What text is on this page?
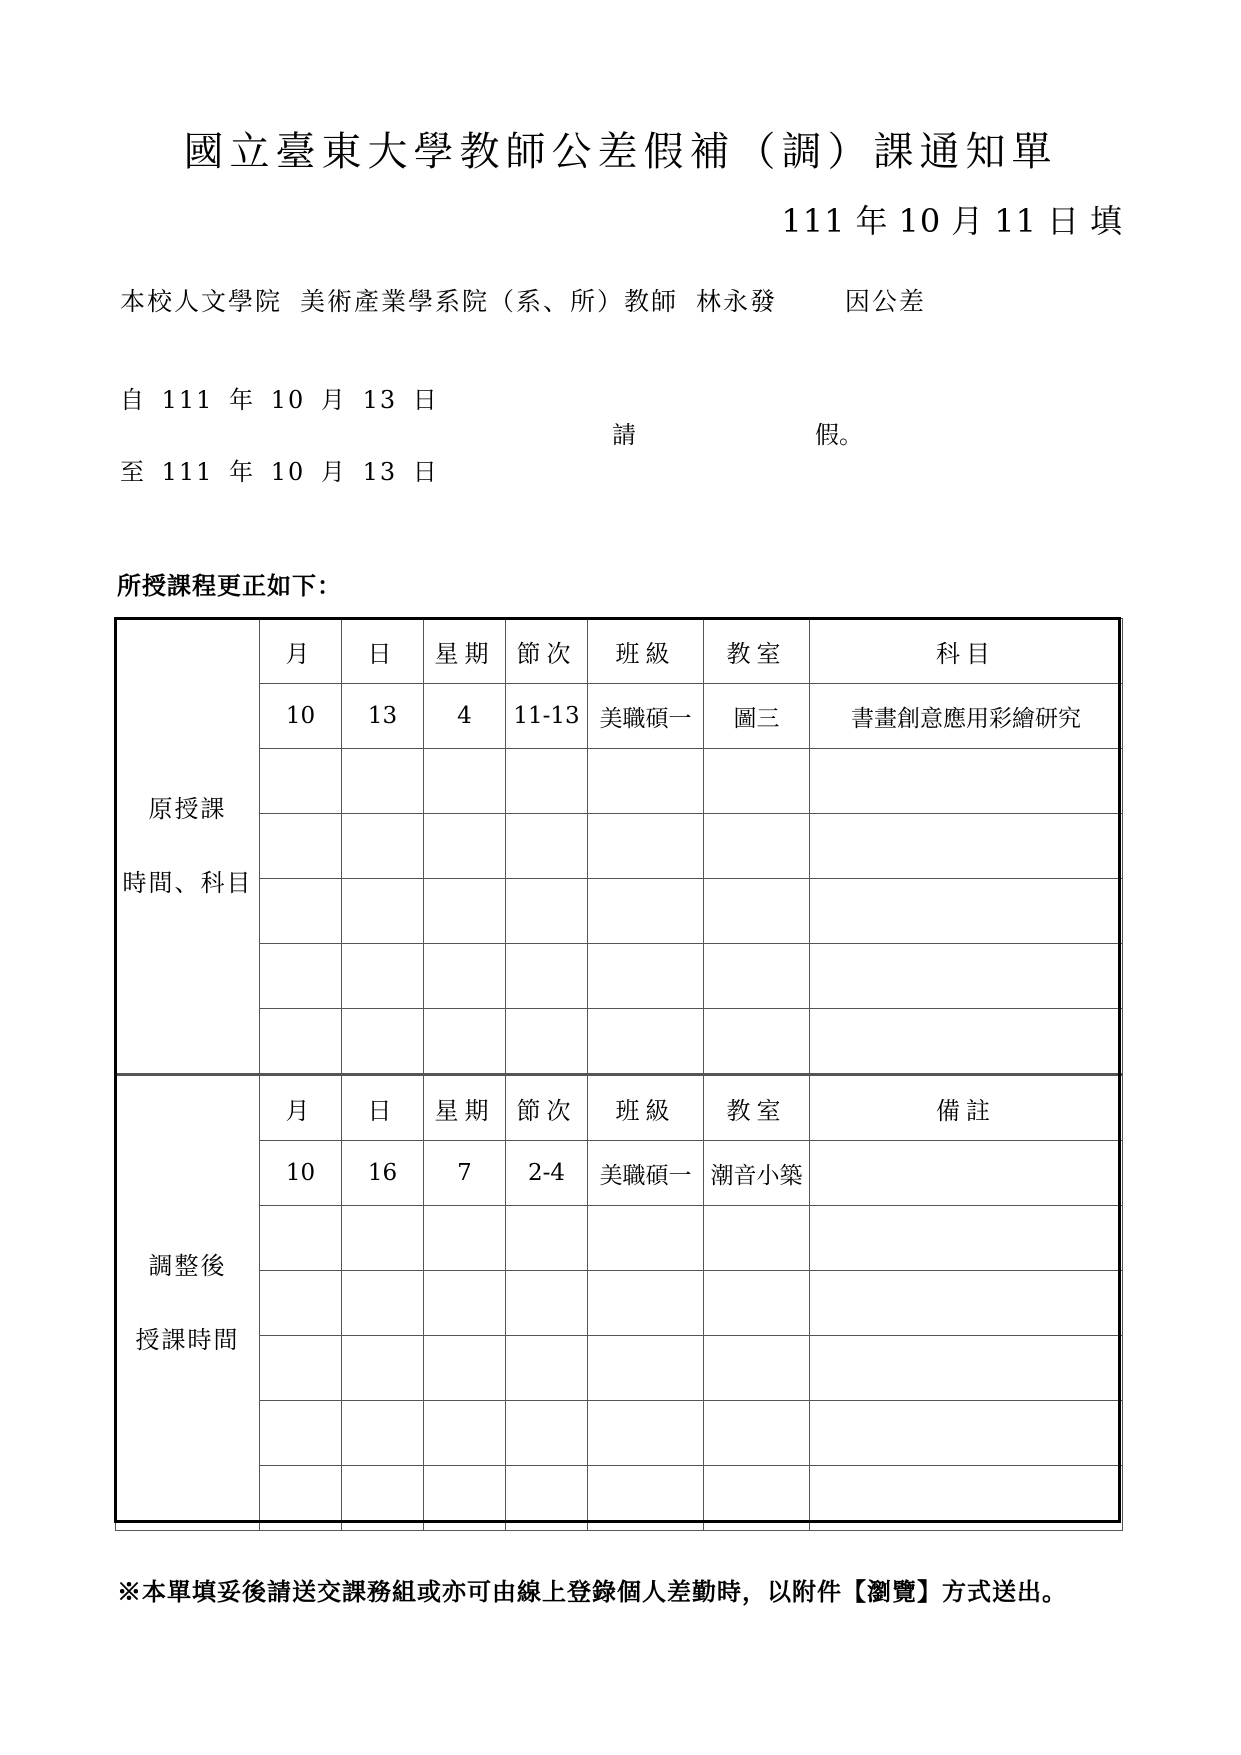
國立臺東大學教師公差假補（調）課通知單
111 年 10 月 11 日 填
本校人文學院 美術產業學系院（系、所）教師 林永發	因公差
自 111 年 10 月 13 日
請	假。
至 111 年 10 月 13 日
所授課程更正如下：
原授課
時間、科目	月	日	星期	節次	班級	教室	科目
	10	13	4	11-13	美職碩一	圖三	書畫創意應用彩繪研究

調整後
授課時間	月	日	星期	節次	班級	教室	備註
	10	16	7	2-4	美職碩一	潮音小築	

※本單填妥後請送交課務組或亦可由線上登錄個人差勤時，以附件【瀏覽】方式送出。
